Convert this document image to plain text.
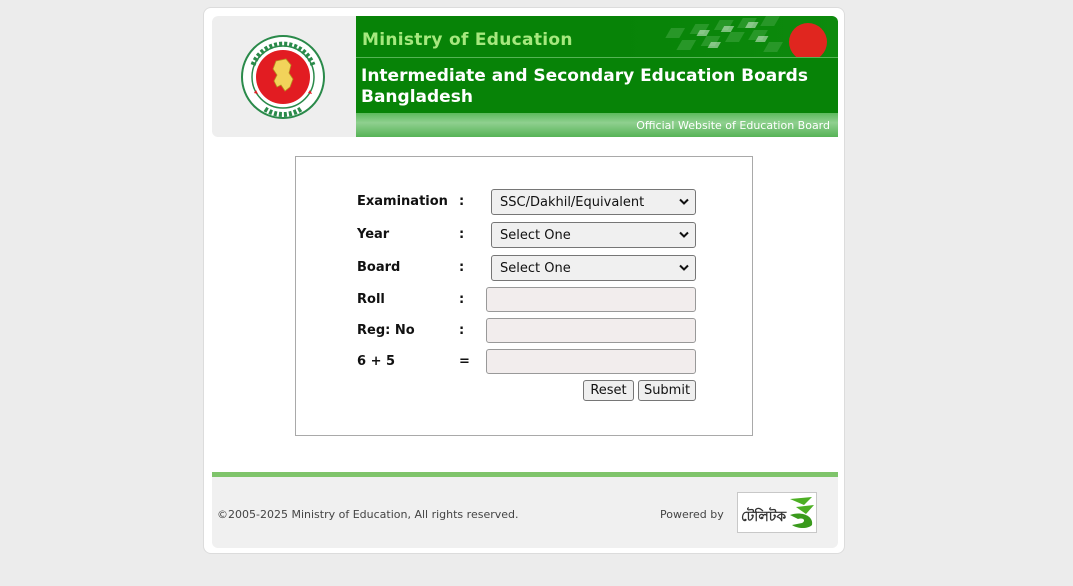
Ministry of Education
Intermediate and Secondary Education Boards Bangladesh
Official Website of Education Board
Examination :	SSC/Dakhil/Equivalent
Year	:	Select One
Board	:	Select One
Roll	:
Reg: No	:
6 + 5	=
Reset	Submit
©2005-2025 Ministry of Education, All rights reserved.	Powered by টেলিটক
